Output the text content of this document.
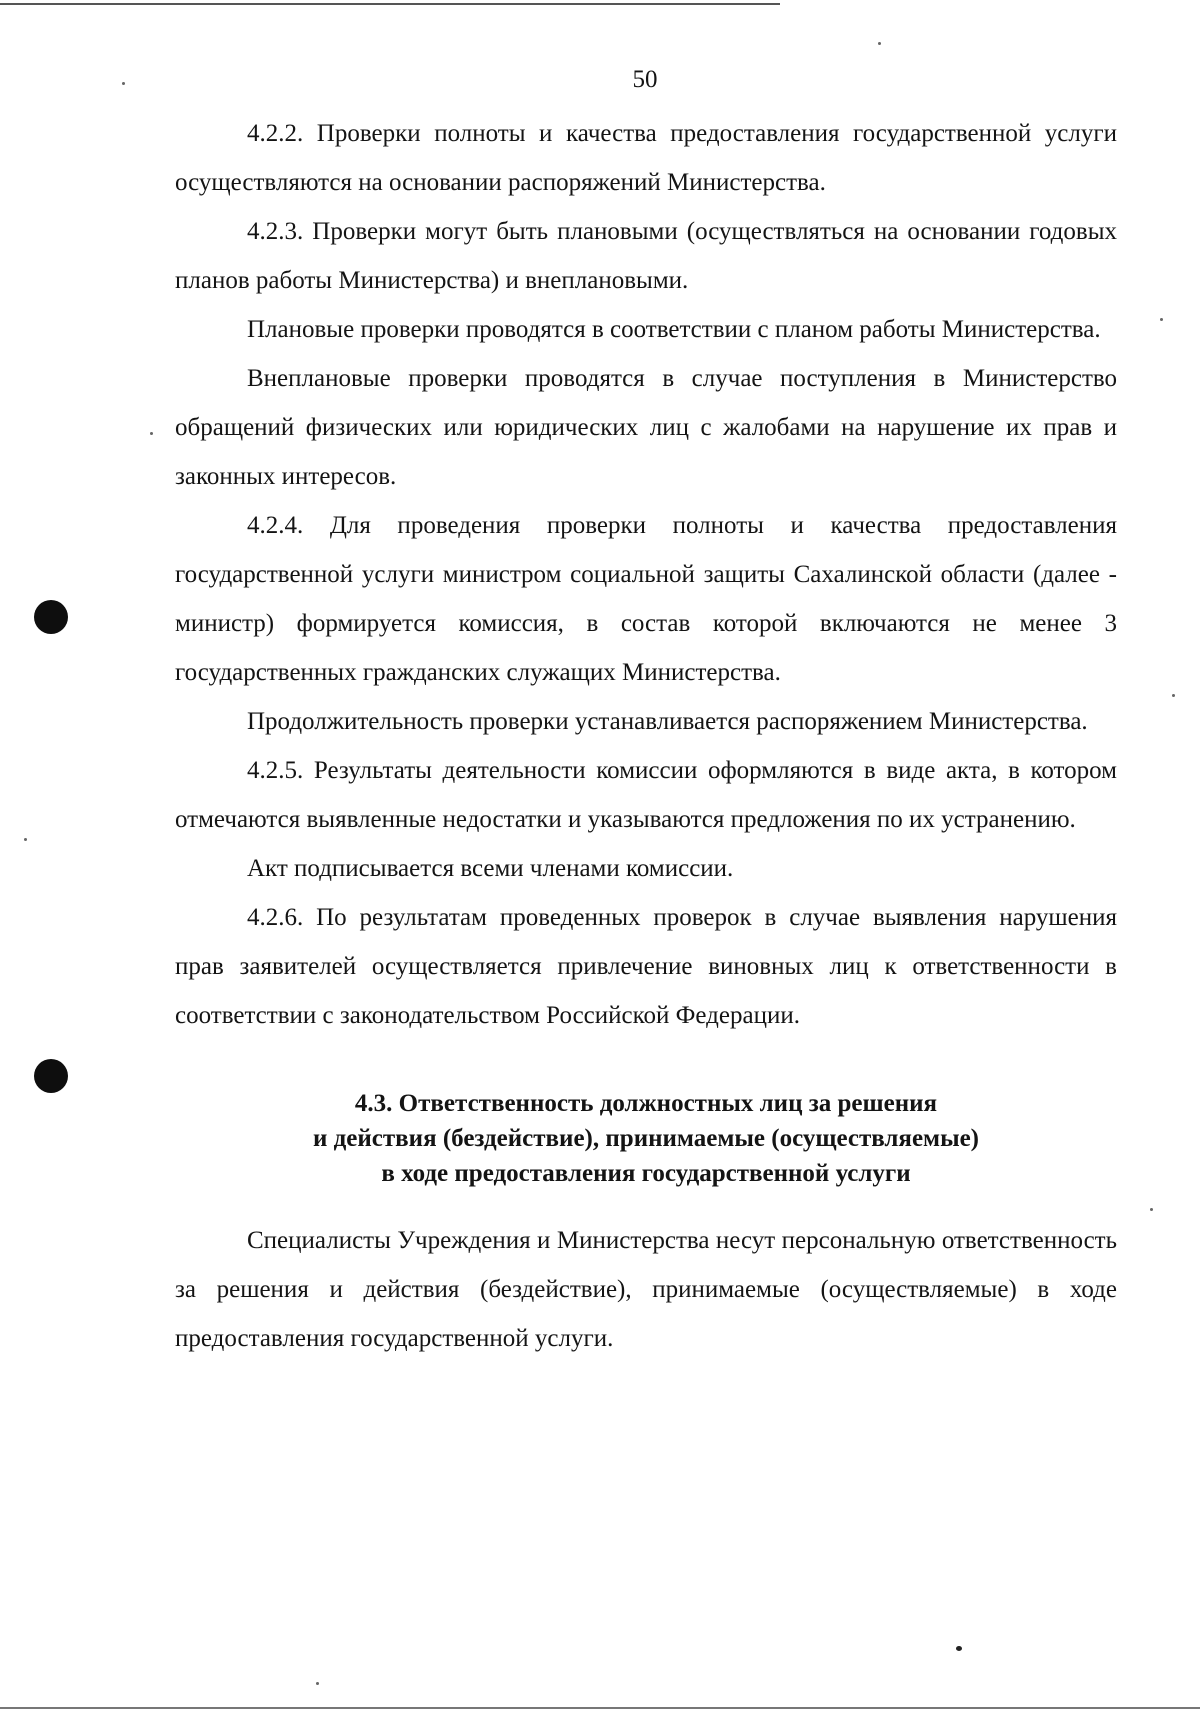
50

4.2.2. Проверки полноты и качества предоставления государственной услуги осуществляются на основании распоряжений Министерства.

4.2.3. Проверки могут быть плановыми (осуществляться на основании годовых планов работы Министерства) и внеплановыми.

Плановые проверки проводятся в соответствии с планом работы Министерства.

Внеплановые проверки проводятся в случае поступления в Министерство обращений физических или юридических лиц с жалобами на нарушение их прав и законных интересов.

4.2.4. Для проведения проверки полноты и качества предоставления государственной услуги министром социальной защиты Сахалинской области (далее - министр) формируется комиссия, в состав которой включаются не менее 3 государственных гражданских служащих Министерства.

Продолжительность проверки устанавливается распоряжением Министерства.

4.2.5. Результаты деятельности комиссии оформляются в виде акта, в котором отмечаются выявленные недостатки и указываются предложения по их устранению.

Акт подписывается всеми членами комиссии.

4.2.6. По результатам проведенных проверок в случае выявления нарушения прав заявителей осуществляется привлечение виновных лиц к ответственности в соответствии с законодательством Российской Федерации.

4.3. Ответственность должностных лиц за решения
и действия (бездействие), принимаемые (осуществляемые)
в ходе предоставления государственной услуги

Специалисты Учреждения и Министерства несут персональную ответственность за решения и действия (бездействие), принимаемые (осуществляемые) в ходе предоставления государственной услуги.
